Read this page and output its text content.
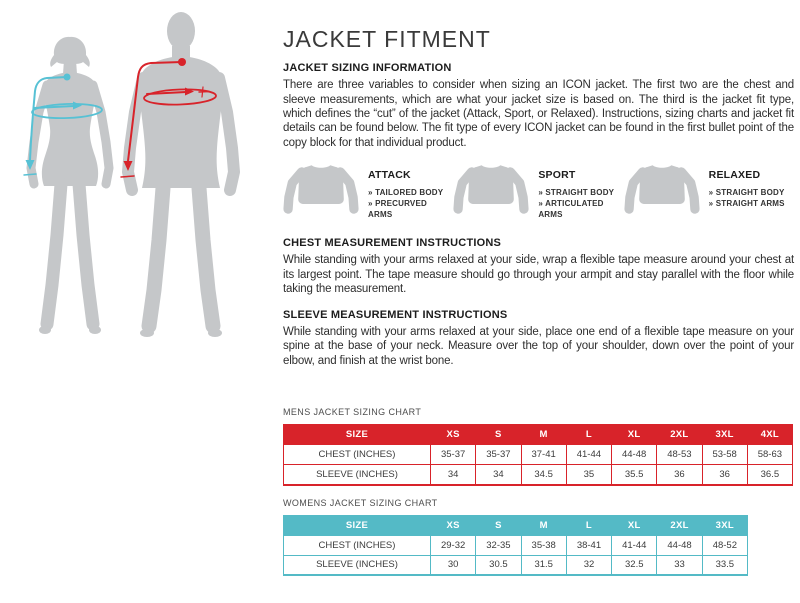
JACKET FITMENT
JACKET SIZING INFORMATION

There are three variables to consider when sizing an ICON jacket. The first two are the chest and sleeve measurements, which are what your jacket size is based on. The third is the jacket fit type, which defines the “cut” of the jacket (Attack, Sport, or Relaxed). Instructions, sizing charts and jacket fit details can be found below. The fit type of every ICON jacket can be found in the first bullet point of the copy block for that individual product.

ATTACK
» TAILORED BODY
» PRECURVED ARMS
SPORT
» STRAIGHT BODY
» ARTICULATED ARMS
RELAXED
» STRAIGHT BODY
» STRAIGHT ARMS
CHEST MEASUREMENT INSTRUCTIONS

While standing with your arms relaxed at your side, wrap a flexible tape measure around your chest at its largest point. The tape measure should go through your armpit and stay parallel with the floor while taking the measurement.

SLEEVE MEASUREMENT INSTRUCTIONS

While standing with your arms relaxed at your side, place one end of a flexible tape measure on your spine at the base of your neck. Measure over the top of your shoulder, down over the point of your elbow, and finish at the wrist bone.

MENS JACKET SIZING CHART
SIZE	XS	S	M	L	XL	2XL	3XL	4XL
CHEST (INCHES)	35-37	35-37	37-41	41-44	44-48	48-53	53-58	58-63
SLEEVE (INCHES)	34	34	34.5	35	35.5	36	36	36.5
WOMENS JACKET SIZING CHART
SIZE	XS	S	M	L	XL	2XL	3XL
CHEST (INCHES)	29-32	32-35	35-38	38-41	41-44	44-48	48-52
SLEEVE (INCHES)	30	30.5	31.5	32	32.5	33	33.5
